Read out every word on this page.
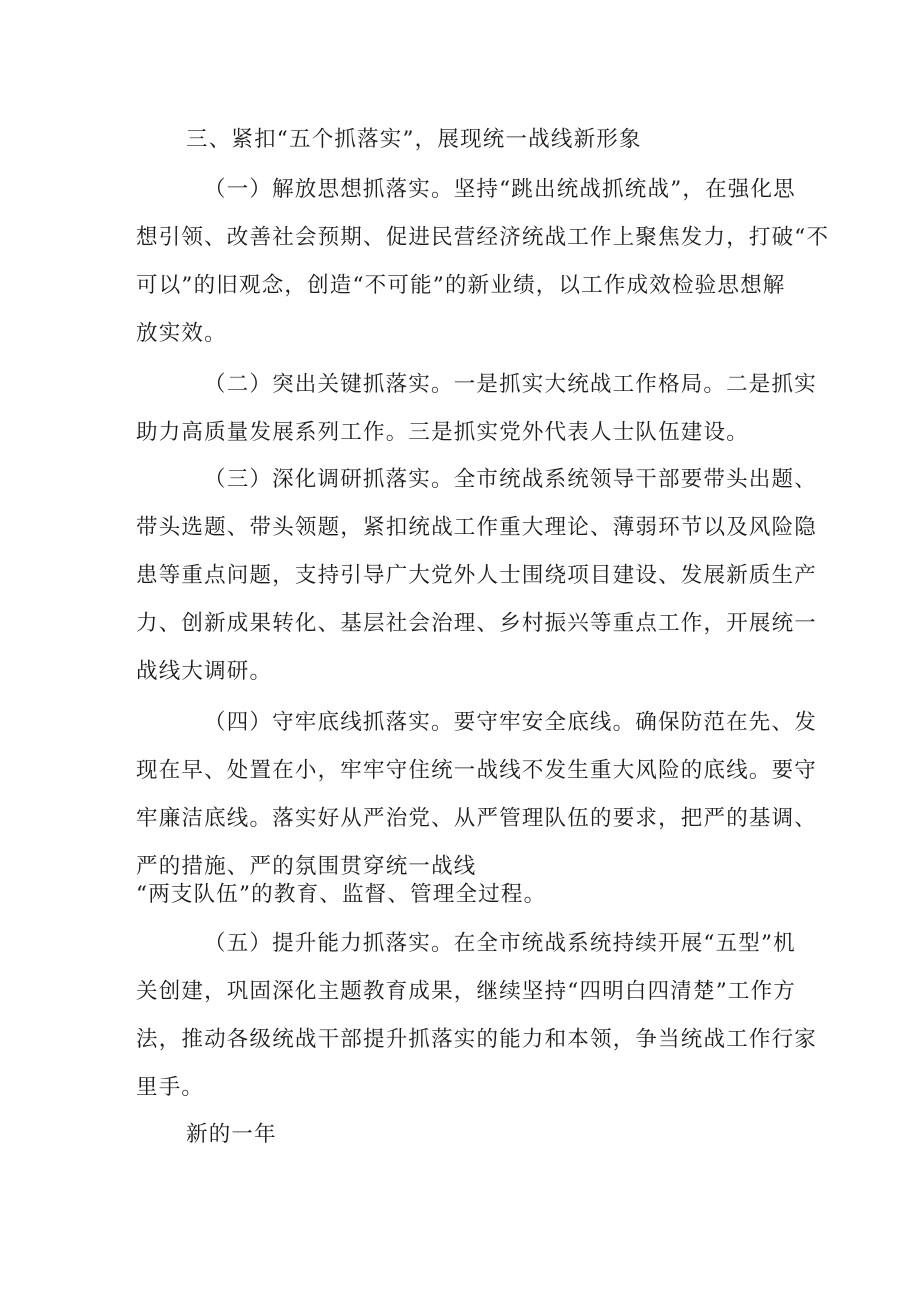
三、紧扣“五个抓落实”，展现统一战线新形象
（一）解放思想抓落实。坚持“跳出统战抓统战”，在强化思
想引领、改善社会预期、促进民营经济统战工作上聚焦发力，打破“不
可以”的旧观念，创造“不可能”的新业绩，以工作成效检验思想解
放实效。
（二）突出关键抓落实。一是抓实大统战工作格局。二是抓实
助力高质量发展系列工作。三是抓实党外代表人士队伍建设。
（三）深化调研抓落实。全市统战系统领导干部要带头出题、
带头选题、带头领题，紧扣统战工作重大理论、薄弱环节以及风险隐
患等重点问题，支持引导广大党外人士围绕项目建设、发展新质生产
力、创新成果转化、基层社会治理、乡村振兴等重点工作，开展统一
战线大调研。
（四）守牢底线抓落实。要守牢安全底线。确保防范在先、发
现在早、处置在小，牢牢守住统一战线不发生重大风险的底线。要守
牢廉洁底线。落实好从严治党、从严管理队伍的要求，把严的基调、
严的措施、严的氛围贯穿统一战线
“两支队伍”的教育、监督、管理全过程。
（五）提升能力抓落实。在全市统战系统持续开展“五型”机
关创建，巩固深化主题教育成果，继续坚持“四明白四清楚”工作方
法，推动各级统战干部提升抓落实的能力和本领，争当统战工作行家
里手。
新的一年
